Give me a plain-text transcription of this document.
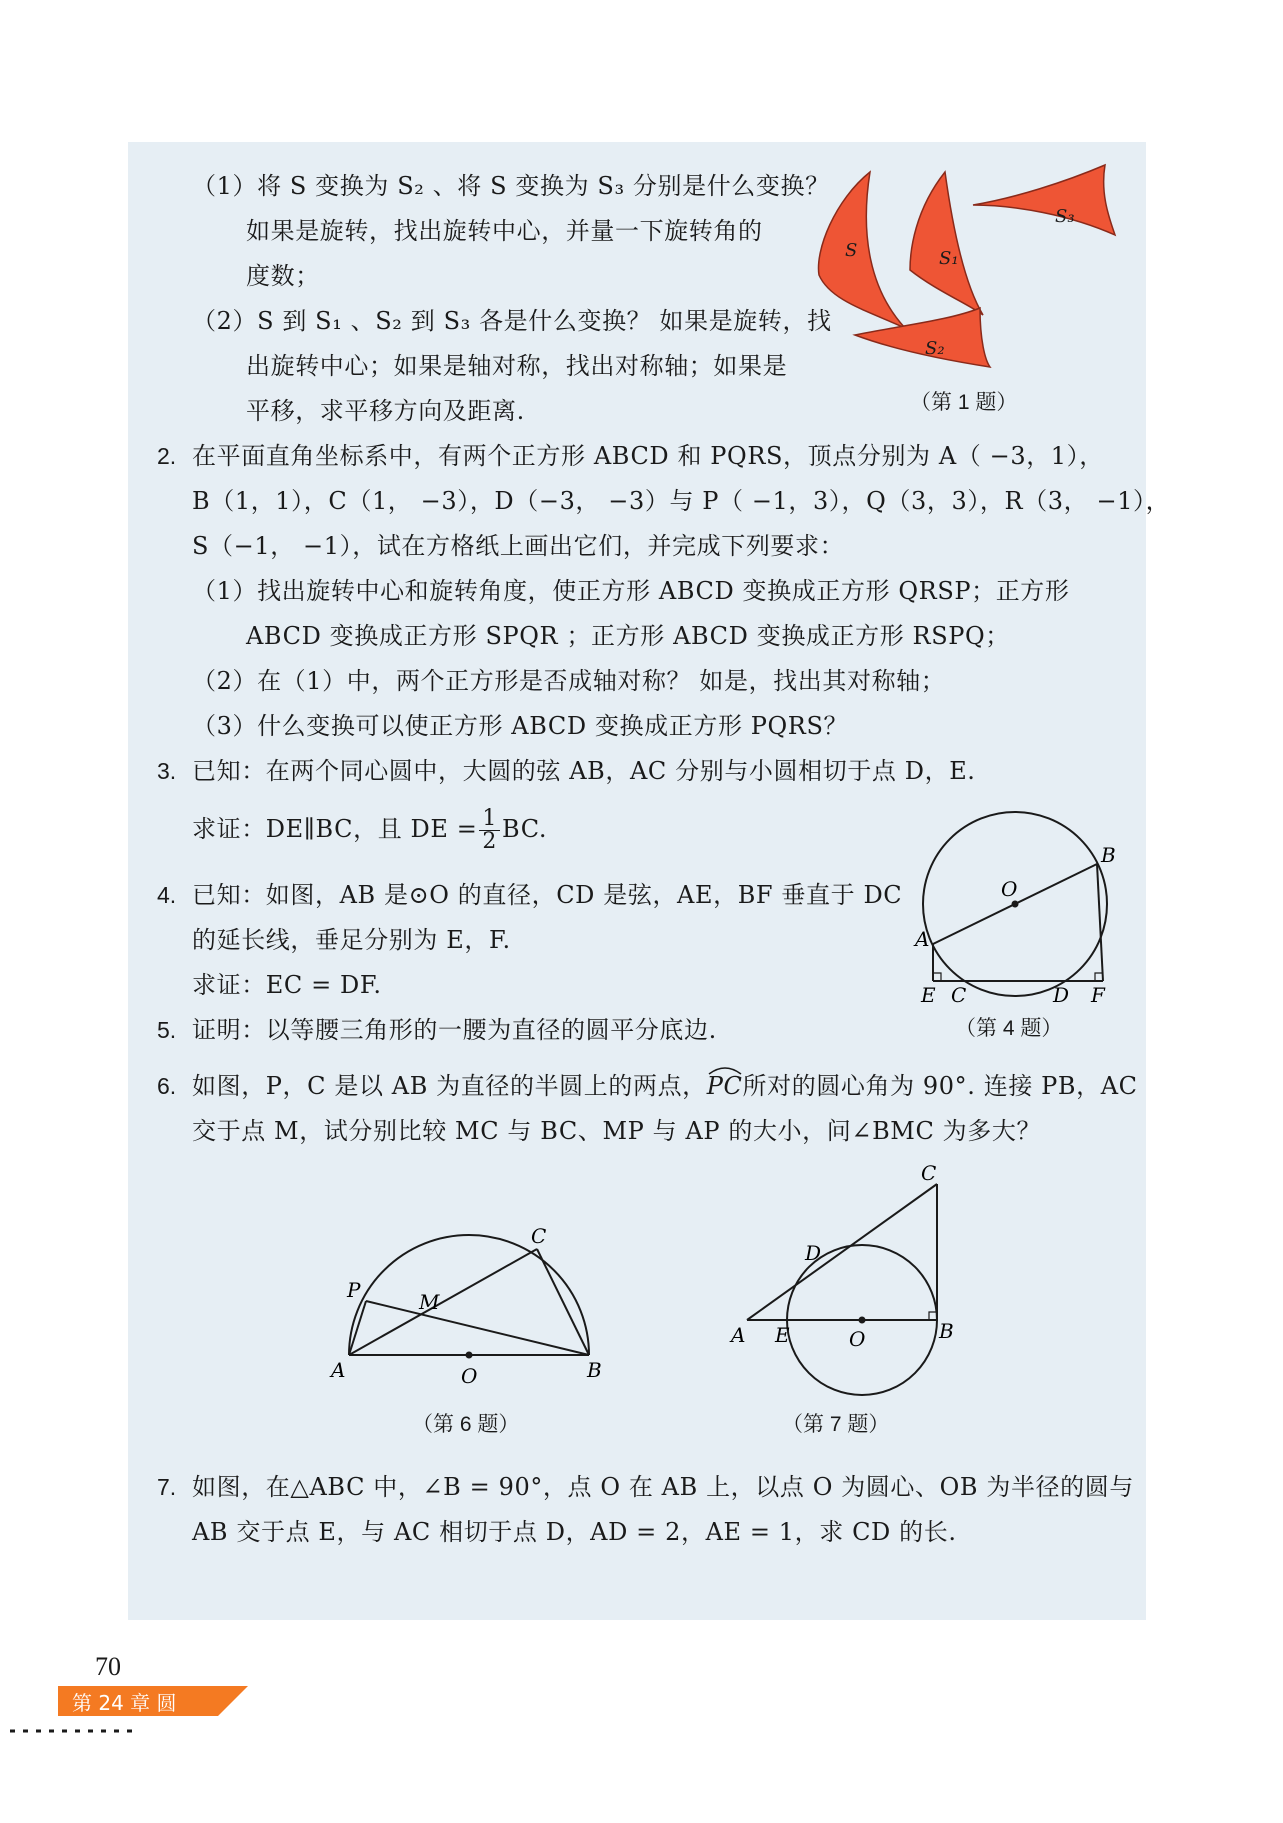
（1）将 S 变换为 S₂ 、将 S 变换为 S₃ 分别是什么变换？
如果是旋转，找出旋转中心，并量一下旋转角的
度数；
（2）S 到 S₁ 、S₂ 到 S₃ 各是什么变换？ 如果是旋转，找
出旋转中心；如果是轴对称，找出对称轴；如果是
平移，求平移方向及距离.
S	S₁
S₃
S₂
（第 1 题）
2. 在平面直角坐标系中，有两个正方形 ABCD 和 PQRS，顶点分别为 A（ −3，1），
B（1，1），C（1， −3），D（−3， −3）与 P（ −1，3），Q（3，3），R（3， −1），
S（−1， −1），试在方格纸上画出它们，并完成下列要求：
（1）找出旋转中心和旋转角度，使正方形 ABCD 变换成正方形 QRSP；正方形
ABCD 变换成正方形 SPQR ；正方形 ABCD 变换成正方形 RSPQ；
（2）在（1）中，两个正方形是否成轴对称？ 如是，找出其对称轴；
（3）什么变换可以使正方形 ABCD 变换成正方形 PQRS？
3. 已知：在两个同心圆中，大圆的弦 AB，AC 分别与小圆相切于点 D，E.
求证：DE∥BC，且 DE = $\frac{1}{2}$ BC.
4. 已知：如图，AB 是⊙O 的直径，CD 是弦，AE，BF 垂直于 DC
的延长线，垂足分别为 E，F.
求证：EC = DF.
O
B
A
E C	D F
（第 4 题）
5. 证明：以等腰三角形的一腰为直径的圆平分底边.
6. 如图，P，C 是以 AB 为直径的半圆上的两点，
PC所对的圆心角为 90°. 连接 PB，AC
交于点 M，试分别比较 MC 与 BC、MP 与 AP 的大小，问∠BMC 为多大？
P
C
M
A	O	B
（第 6 题）
C
D
A E	O	B
（第 7 题）
7. 如图，在△ABC 中，∠B = 90°，点 O 在 AB 上，以点 O 为圆心、OB 为半径的圆与
AB 交于点 E，与 AC 相切于点 D，AD = 2，AE = 1，求 CD 的长.
70
第 24 章 圆
